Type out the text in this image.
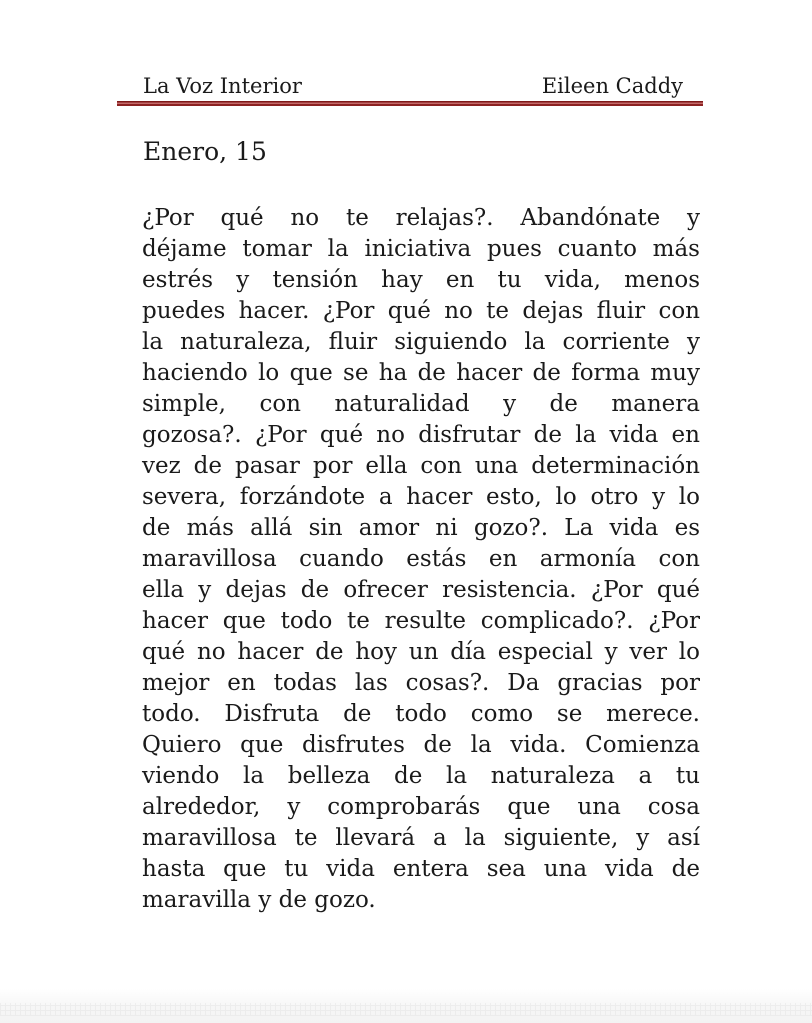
La Voz Interior	Eileen Caddy
Enero, 15
¿Por qué no te relajas?. Abandónate y
déjame tomar la iniciativa pues cuanto más
estrés y tensión hay en tu vida, menos
puedes hacer. ¿Por qué no te dejas fluir con
la naturaleza, fluir siguiendo la corriente y
haciendo lo que se ha de hacer de forma muy
simple, con naturalidad y de manera
gozosa?. ¿Por qué no disfrutar de la vida en
vez de pasar por ella con una determinación
severa, forzándote a hacer esto, lo otro y lo
de más allá sin amor ni gozo?. La vida es
maravillosa cuando estás en armonía con
ella y dejas de ofrecer resistencia. ¿Por qué
hacer que todo te resulte complicado?. ¿Por
qué no hacer de hoy un día especial y ver lo
mejor en todas las cosas?. Da gracias por
todo. Disfruta de todo como se merece.
Quiero que disfrutes de la vida. Comienza
viendo la belleza de la naturaleza a tu
alrededor, y comprobarás que una cosa
maravillosa te llevará a la siguiente, y así
hasta que tu vida entera sea una vida de
maravilla y de gozo.
